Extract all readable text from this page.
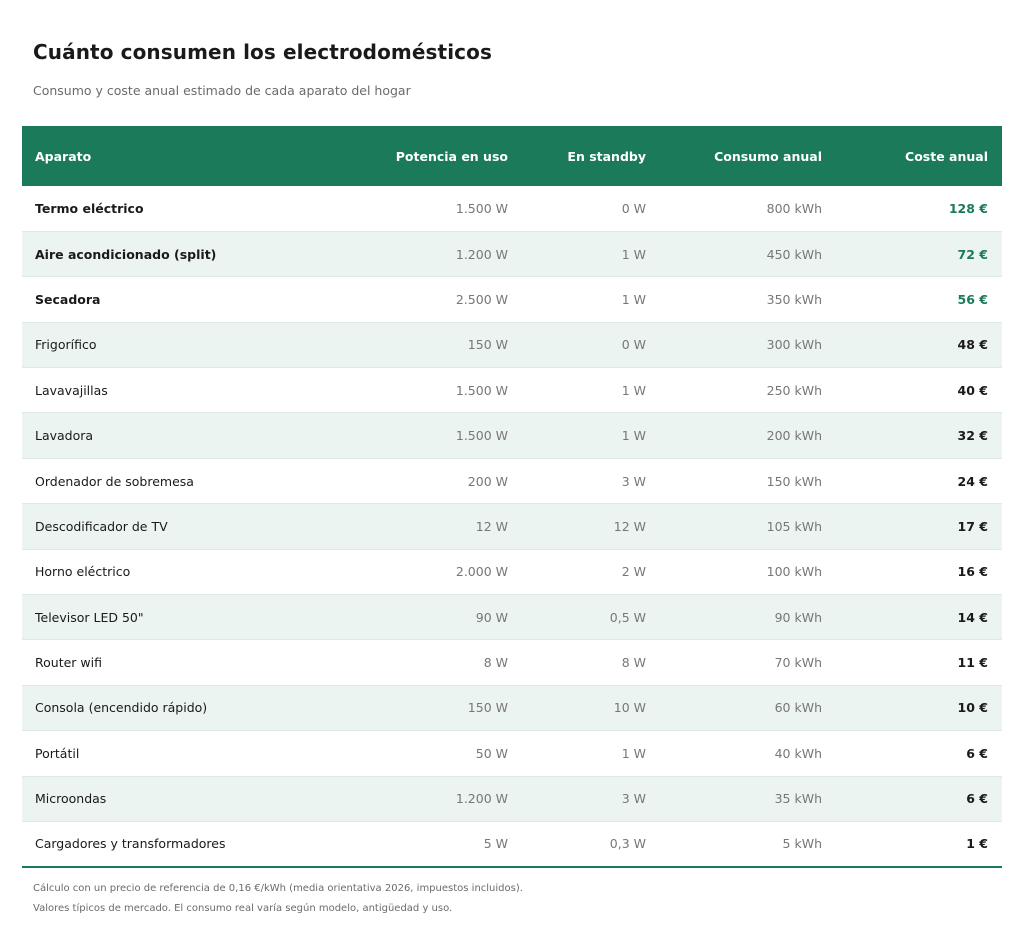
Cuánto consumen los electrodomésticos

Consumo y coste anual estimado de cada aparato del hogar

Aparato	Potencia en uso	En standby	Consumo anual	Coste anual
Termo eléctrico	1.500 W	0 W	800 kWh	128 €
Aire acondicionado (split)	1.200 W	1 W	450 kWh	72 €
Secadora	2.500 W	1 W	350 kWh	56 €
Frigorífico	150 W	0 W	300 kWh	48 €
Lavavajillas	1.500 W	1 W	250 kWh	40 €
Lavadora	1.500 W	1 W	200 kWh	32 €
Ordenador de sobremesa	200 W	3 W	150 kWh	24 €
Descodificador de TV	12 W	12 W	105 kWh	17 €
Horno eléctrico	2.000 W	2 W	100 kWh	16 €
Televisor LED 50"	90 W	0,5 W	90 kWh	14 €
Router wifi	8 W	8 W	70 kWh	11 €
Consola (encendido rápido)	150 W	10 W	60 kWh	10 €
Portátil	50 W	1 W	40 kWh	6 €
Microondas	1.200 W	3 W	35 kWh	6 €
Cargadores y transformadores	5 W	0,3 W	5 kWh	1 €

Cálculo con un precio de referencia de 0,16 €/kWh (media orientativa 2026, impuestos incluidos).

Valores típicos de mercado. El consumo real varía según modelo, antigüedad y uso.
